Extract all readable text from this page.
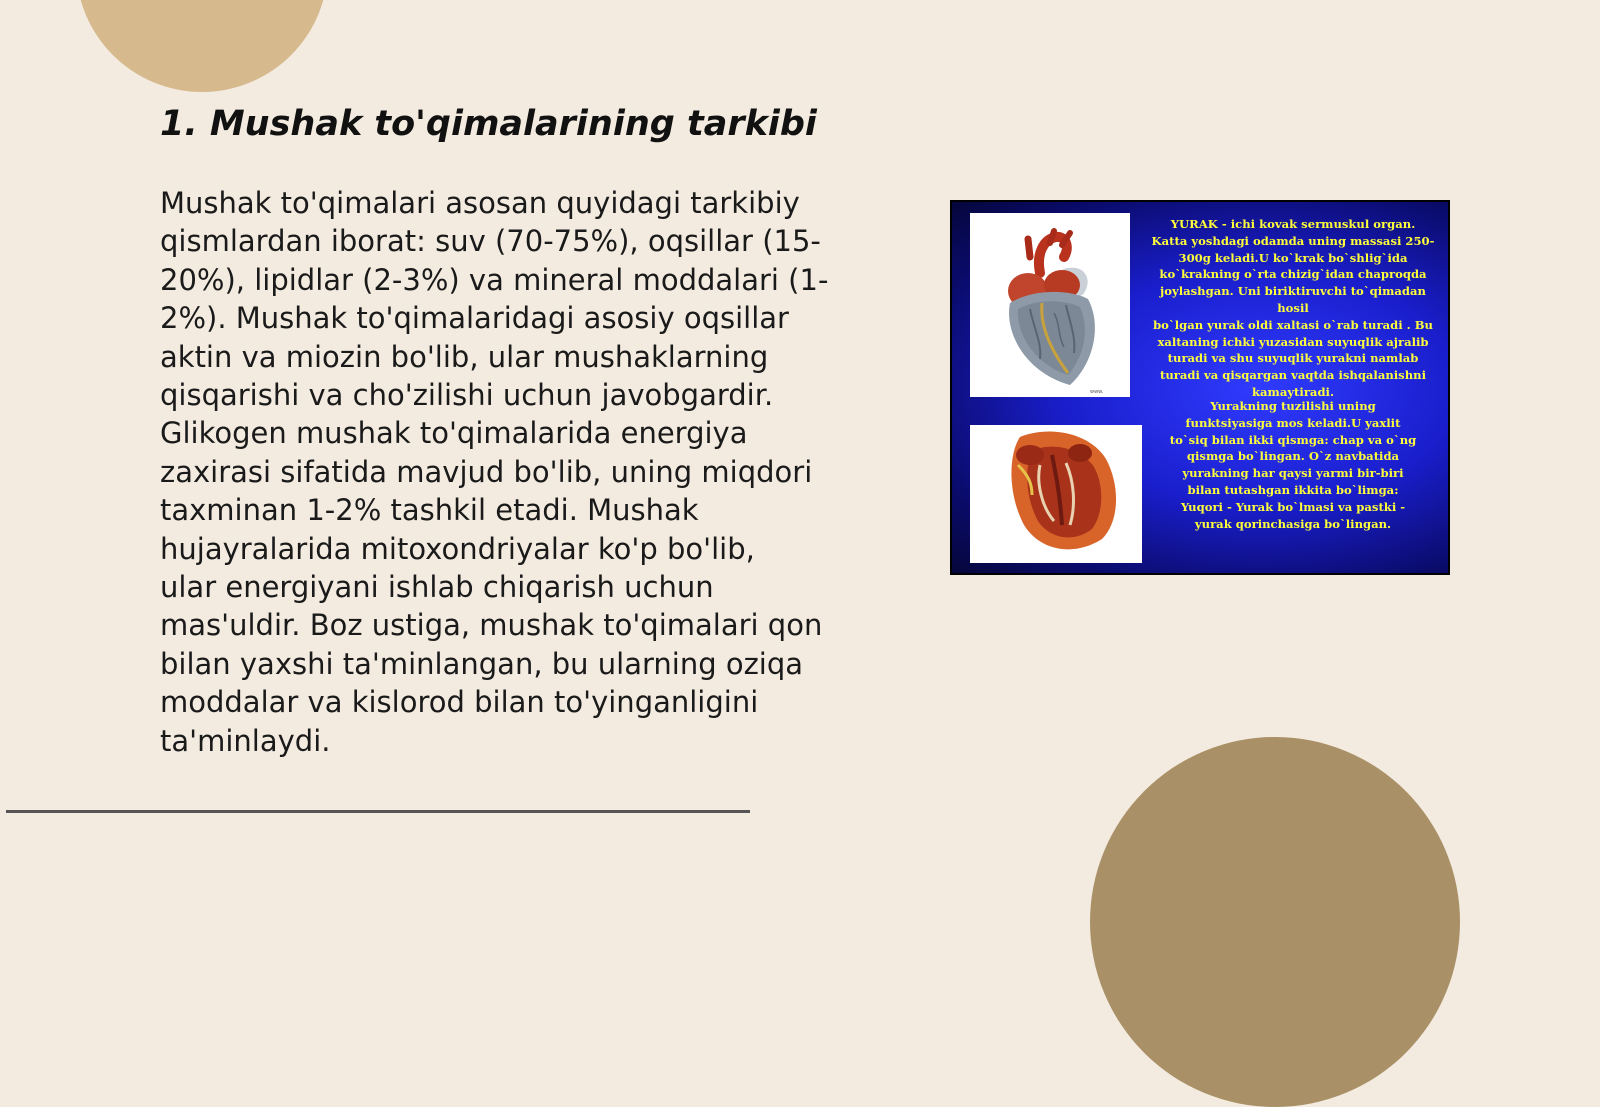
1. Mushak to'qimalarining tarkibi

Mushak to'qimalari asosan quyidagi tarkibiy
qismlardan iborat: suv (70-75%), oqsillar (15-
20%), lipidlar (2-3%) va mineral moddalari (1-
2%). Mushak to'qimalaridagi asosiy oqsillar
aktin va miozin bo'lib, ular mushaklarning
qisqarishi va cho'zilishi uchun javobgardir.
Glikogen mushak to'qimalarida energiya
zaxirasi sifatida mavjud bo'lib, uning miqdori
taxminan 1-2% tashkil etadi. Mushak
hujayralarida mitoxondriyalar ko'p bo'lib,
ular energiyani ishlab chiqarish uchun
mas'uldir. Boz ustiga, mushak to'qimalari qon
bilan yaxshi ta'minlangan, bu ularning oziqa
moddalar va kislorod bilan to'yinganligini
ta'minlaydi.

www.

YURAK - ichi kovak sermuskul organ.
Katta yoshdagi odamda uning massasi 250-
300g keladi.U ko`krak bo`shlig`ida
ko`krakning o`rta chizig`idan chaproqda
joylashgan. Uni biriktiruvchi to`qimadan hosil
bo`lgan yurak oldi xaltasi o`rab turadi . Bu
xaltaning ichki yuzasidan suyuqlik ajralib
turadi va shu suyuqlik yurakni namlab
turadi va qisqargan vaqtda ishqalanishni
kamaytiradi.

Yurakning tuzilishi uning
funktsiyasiga mos keladi.U yaxlit
to`siq bilan ikki qismga: chap va o`ng
qismga bo`lingan. O`z navbatida
yurakning har qaysi yarmi bir-biri
bilan tutashgan ikkita bo`limga:
Yuqori - Yurak bo`lmasi va pastki -
yurak qorinchasiga bo`lingan.
